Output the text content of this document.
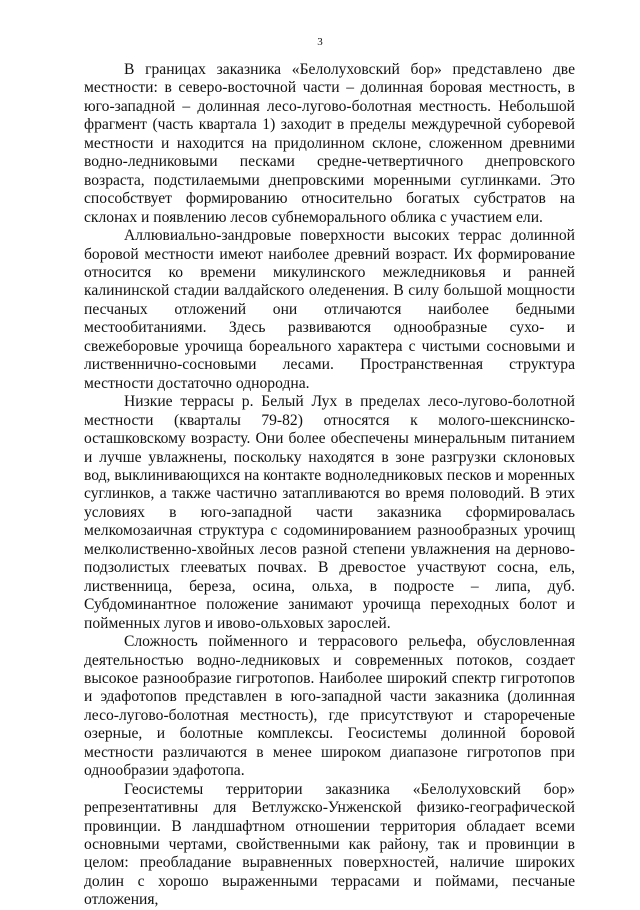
3

В границах заказника «Белолуховский бор» представлено две местности: в северо-восточной части – долинная боровая местность, в юго-западной – долинная лесо-лугово-болотная местность. Небольшой фрагмент (часть квартала 1) заходит в пределы междуречной суборевой местности и находится на придолинном склоне, сложенном древними водно-ледниковыми песками средне-четвертичного днепровского возраста, подстилаемыми днепровскими моренными суглинками. Это способствует формированию относительно богатых субстратов на склонах и появлению лесов субнеморального облика с участием ели.

Аллювиально-зандровые поверхности высоких террас долинной боровой местности имеют наиболее древний возраст. Их формирование относится ко времени микулинского межледниковья и ранней калининской стадии валдайского оледенения. В силу большой мощности песчаных отложений они отличаются наиболее бедными местообитаниями. Здесь развиваются однообразные сухо- и свежеборовые урочища бореального характера с чистыми сосновыми и лиственнично-сосновыми лесами. Пространственная структура местности достаточно однородна.

Низкие террасы р. Белый Лух в пределах лесо-лугово-болотной местности (кварталы 79-82) относятся к молого-шекснинско-осташковскому возрасту. Они более обеспечены минеральным питанием и лучше увлажнены, поскольку находятся в зоне разгрузки склоновых вод, выклинивающихся на контакте водноледниковых песков и моренных суглинков, а также частично затапливаются во время половодий. В этих условиях в юго-западной части заказника сформировалась мелкомозаичная структура с содоминированием разнообразных урочищ мелколиственно-хвойных лесов разной степени увлажнения на дерново-подзолистых глееватых почвах. В древостое участвуют сосна, ель, лиственница, береза, осина, ольха, в подросте – липа, дуб. Субдоминантное положение занимают урочища переходных болот и пойменных лугов и ивово-ольховых зарослей.

Сложность пойменного и террасового рельефа, обусловленная деятельностью водно-ледниковых и современных потоков, создает высокое разнообразие гигротопов. Наиболее широкий спектр гигротопов и эдафотопов представлен в юго-западной части заказника (долинная лесо-лугово-болотная местность), где присутствуют и старореченые озерные, и болотные комплексы. Геосистемы долинной боровой местности различаются в менее широком диапазоне гигротопов при однообразии эдафотопа.

Геосистемы территории заказника «Белолуховский бор» репрезентативны для Ветлужско-Унженской физико-географической провинции. В ландшафтном отношении территория обладает всеми основными чертами, свойственными как району, так и провинции в целом: преобладание выравненных поверхностей, наличие широких долин с хорошо выраженными террасами и поймами, песчаные отложения,
